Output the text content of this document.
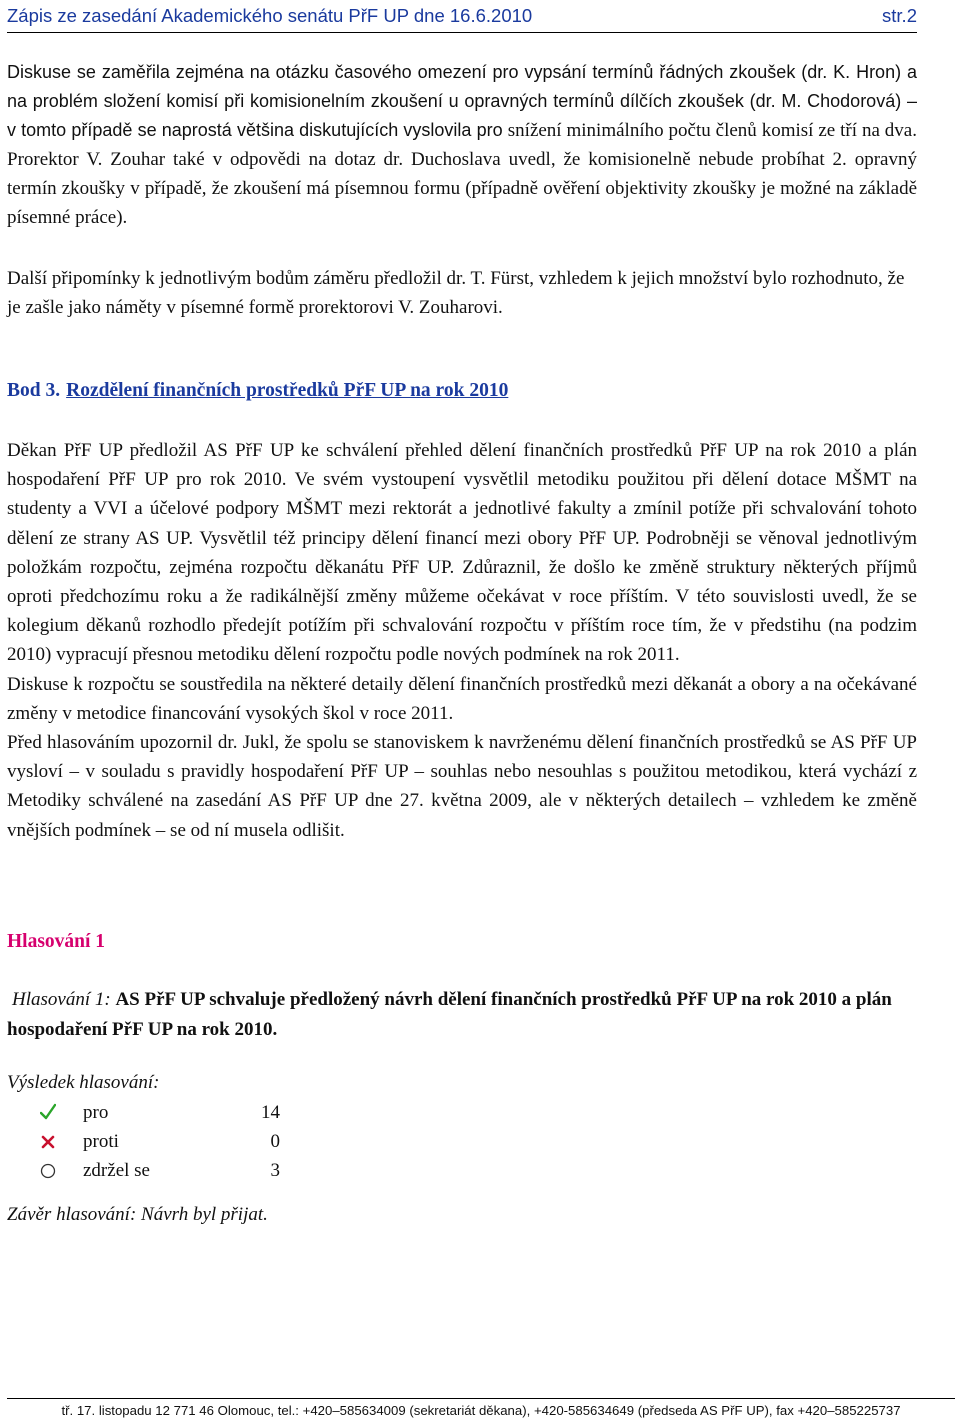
Zápis ze zasedání Akademického senátu PřF UP dne 16.6.2010	str.2
Diskuse se zaměřila zejména na otázku časového omezení pro vypsání termínů řádných zkoušek (dr. K. Hron) a na problém složení komisí při komisionelním zkoušení u opravných termínů dílčích zkoušek (dr. M. Chodorová) – v tomto případě se naprostá většina diskutujících vyslovila pro snížení minimálního počtu členů komisí ze tří na dva. Prorektor V. Zouhar také v odpovědi na dotaz dr. Duchoslava uvedl, že komisionelně nebude probíhat 2. opravný termín zkoušky v případě, že zkoušení má písemnou formu (případně ověření objektivity zkoušky je možné na základě písemné práce).
Další připomínky k jednotlivým bodům záměru předložil dr. T. Fürst, vzhledem k jejich množství bylo rozhodnuto, že je zašle jako náměty v písemné formě prorektorovi V. Zouharovi.
Bod 3. Rozdělení finančních prostředků PřF UP na rok 2010

Děkan PřF UP předložil AS PřF UP ke schválení přehled dělení finančních prostředků PřF UP na rok 2010 a plán hospodaření PřF UP pro rok 2010. Ve svém vystoupení vysvětlil metodiku použitou při dělení dotace MŠMT na studenty a VVI a účelové podpory MŠMT mezi rektorát a jednotlivé fakulty a zmínil potíže při schvalování tohoto dělení ze strany AS UP. Vysvětlil též principy dělení financí mezi obory PřF UP. Podrobněji se věnoval jednotlivým položkám rozpočtu, zejména rozpočtu děkanátu PřF UP. Zdůraznil, že došlo ke změně struktury některých příjmů oproti předchozímu roku a že radikálnější změny můžeme očekávat v roce příštím. V této souvislosti uvedl, že se kolegium děkanů rozhodlo předejít potížím při schvalování rozpočtu v příštím roce tím, že v předstihu (na podzim 2010) vypracují přesnou metodiku dělení rozpočtu podle nových podmínek na rok 2011.

Diskuse k rozpočtu se soustředila na některé detaily dělení finančních prostředků mezi děkanát a obory a na očekávané změny v metodice financování vysokých škol v roce 2011.

Před hlasováním upozornil dr. Jukl, že spolu se stanoviskem k navrženému dělení finančních prostředků se AS PřF UP vysloví – v souladu s pravidly hospodaření PřF UP – souhlas nebo nesouhlas s použitou metodikou, která vychází z Metodiky schválené na zasedání AS PřF UP dne 27. května 2009, ale v některých detailech – vzhledem ke změně vnějších podmínek – se od ní musela odlišit.

Hlasování 1
Hlasování 1: AS PřF UP schvaluje předložený návrh dělení finančních prostředků PřF UP na rok 2010 a plán hospodaření PřF UP na rok 2010.
Výsledek hlasování:
pro	14
proti	0
zdržel se	3
Závěr hlasování: Návrh byl přijat.
tř. 17. listopadu 12 771 46 Olomouc, tel.: +420–585634009 (sekretariát děkana), +420-585634649 (předseda AS PřF UP), fax +420–585225737
